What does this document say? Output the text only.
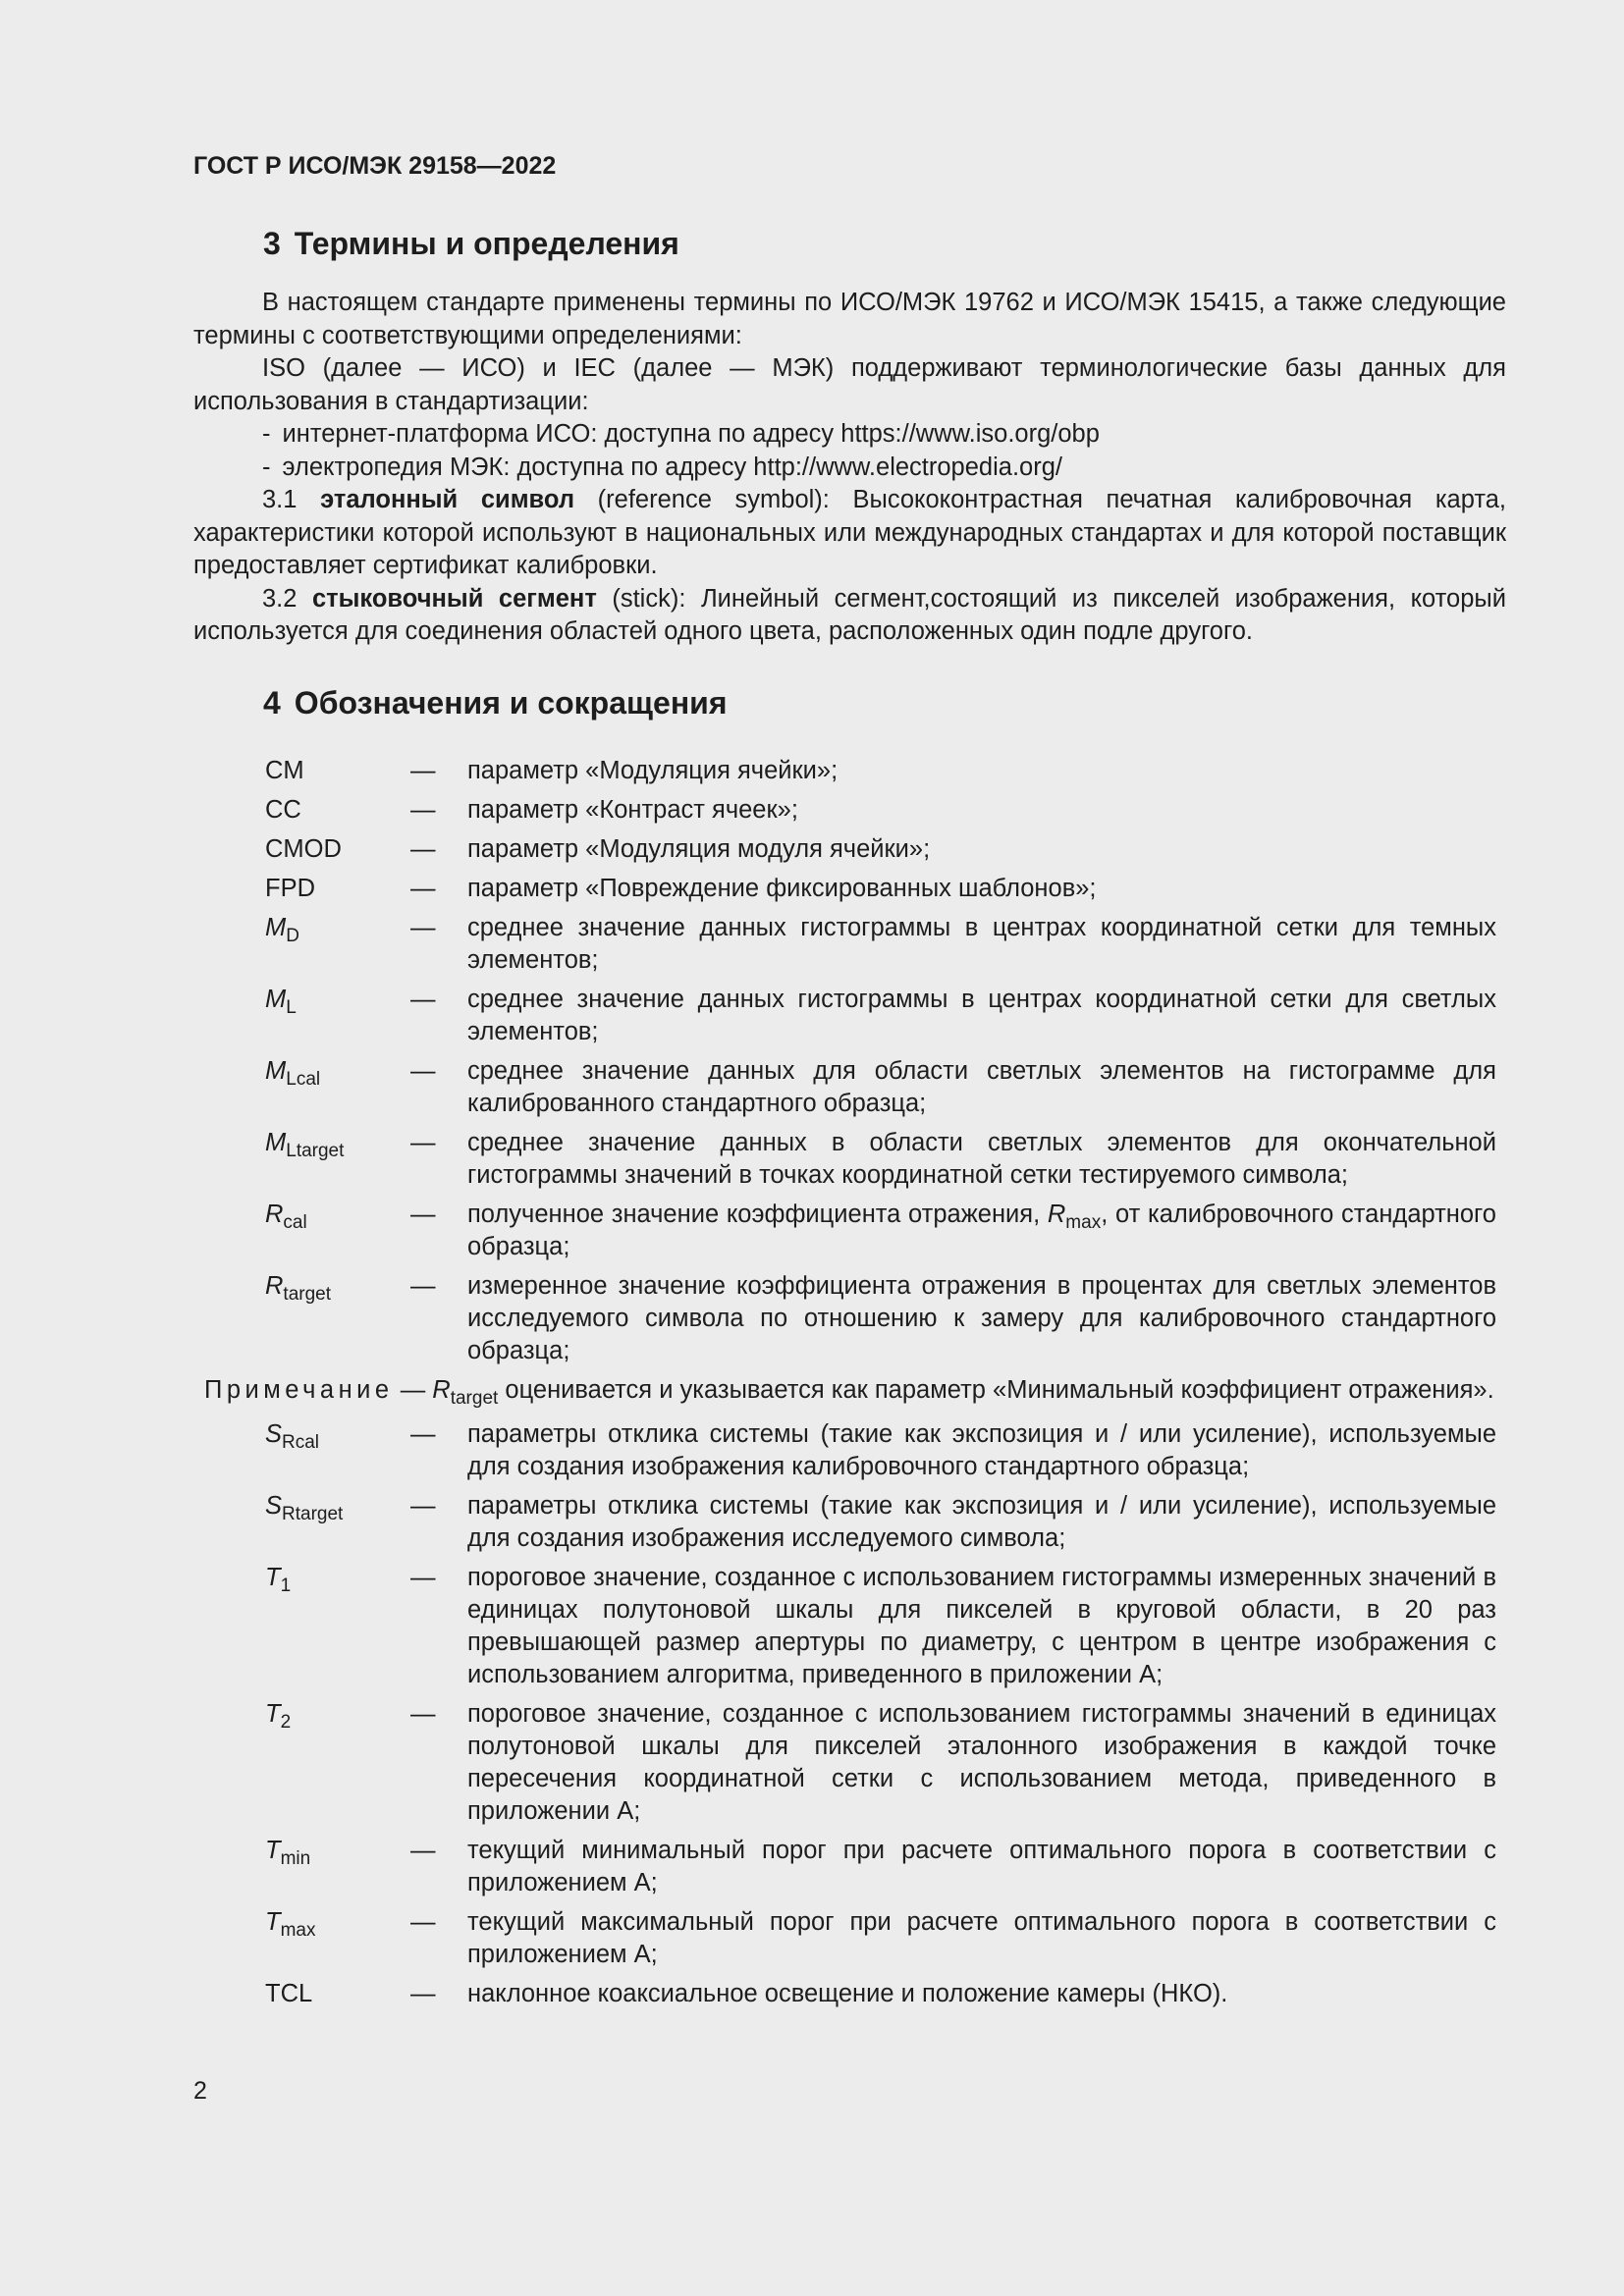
ГОСТ Р ИСО/МЭК 29158—2022
3 Термины и определения

В настоящем стандарте применены термины по ИСО/МЭК 19762 и ИСО/МЭК 15415, а также следующие термины с соответствующими определениями:

ISO (далее — ИСО) и IEC (далее — МЭК) поддерживают терминологические базы данных для использования в стандартизации:

- интернет-платформа ИСО: доступна по адресу https://www.iso.org/obp

- электропедия МЭК: доступна по адресу http://www.electropedia.org/

3.1 эталонный символ (reference symbol): Высококонтрастная печатная калибровочная карта, характеристики которой используют в национальных или международных стандартах и для которой поставщик предоставляет сертификат калибровки.

3.2 стыковочный сегмент (stick): Линейный сегмент,состоящий из пикселей изображения, который используется для соединения областей одного цвета, расположенных один подле другого.

4 Обозначения и сокращения
CM	—	параметр «Модуляция ячейки»;
CC	—	параметр «Контраст ячеек»;
CMOD	—	параметр «Модуляция модуля ячейки»;
FPD	—	параметр «Повреждение фиксированных шаблонов»;
$M_D$	—	среднее значение данных гистограммы в центрах координатной сетки для темных элементов;
$M_L$	—	среднее значение данных гистограммы в центрах координатной сетки для светлых элементов;
$M_{Lcal}$	—	среднее значение данных для области светлых элементов на гистограмме для калиброванного стандартного образца;
$M_{Ltarget}$	—	среднее значение данных в области светлых элементов для окончательной гистограммы значений в точках координатной сетки тестируемого символа;
$R_{cal}$	—	полученное значение коэффициента отражения, $R_{max}$, от калибровочного стандартного образца;
$R_{target}$	—	измеренное значение коэффициента отражения в процентах для светлых элементов исследуемого символа по отношению к замеру для калибровочного стандартного образца;
Примечание — $R_{target}$ оценивается и указывается как параметр «Минимальный коэффициент отражения».
$S_{Rcal}$	—	параметры отклика системы (такие как экспозиция и / или усиление), используемые для создания изображения калибровочного стандартного образца;
$S_{Rtarget}$	—	параметры отклика системы (такие как экспозиция и / или усиление), используемые для создания изображения исследуемого символа;
$T_1$	—	пороговое значение, созданное с использованием гистограммы измеренных значений в единицах полутоновой шкалы для пикселей в круговой области, в 20 раз превышающей размер апертуры по диаметру, с центром в центре изображения с использованием алгоритма, приведенного в приложении А;
$T_2$	—	пороговое значение, созданное с использованием гистограммы значений в единицах полутоновой шкалы для пикселей эталонного изображения в каждой точке пересечения координатной сетки с использованием метода, приведенного в приложении А;
$T_{min}$	—	текущий минимальный порог при расчете оптимального порога в соответствии с приложением А;
$T_{max}$	—	текущий максимальный порог при расчете оптимального порога в соответствии с приложением А;
TCL	—	наклонное коаксиальное освещение и положение камеры (НКО).
2
